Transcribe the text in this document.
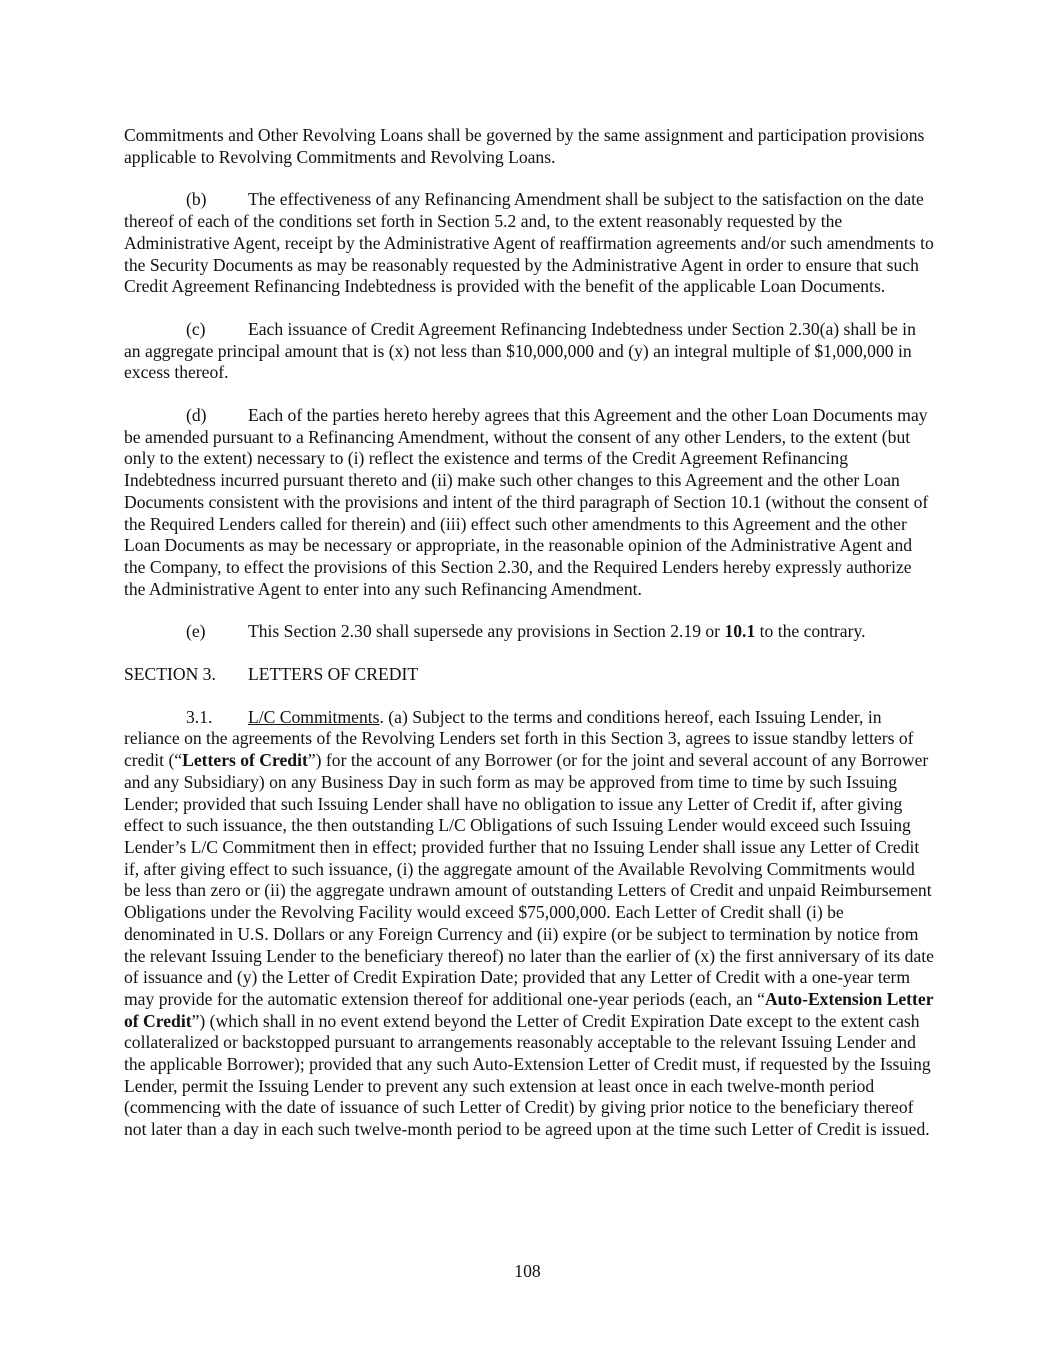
Commitments and Other Revolving Loans shall be governed by the same assignment and participation provisions applicable to Revolving Commitments and Revolving Loans.

(b) The effectiveness of any Refinancing Amendment shall be subject to the satisfaction on the date thereof of each of the conditions set forth in Section 5.2 and, to the extent reasonably requested by the Administrative Agent, receipt by the Administrative Agent of reaffirmation agreements and/or such amendments to the Security Documents as may be reasonably requested by the Administrative Agent in order to ensure that such Credit Agreement Refinancing Indebtedness is provided with the benefit of the applicable Loan Documents.

(c) Each issuance of Credit Agreement Refinancing Indebtedness under Section 2.30(a) shall be in an aggregate principal amount that is (x) not less than $10,000,000 and (y) an integral multiple of $1,000,000 in excess thereof.

(d) Each of the parties hereto hereby agrees that this Agreement and the other Loan Documents may be amended pursuant to a Refinancing Amendment, without the consent of any other Lenders, to the extent (but only to the extent) necessary to (i) reflect the existence and terms of the Credit Agreement Refinancing Indebtedness incurred pursuant thereto and (ii) make such other changes to this Agreement and the other Loan Documents consistent with the provisions and intent of the third paragraph of Section 10.1 (without the consent of the Required Lenders called for therein) and (iii) effect such other amendments to this Agreement and the other Loan Documents as may be necessary or appropriate, in the reasonable opinion of the Administrative Agent and the Company, to effect the provisions of this Section 2.30, and the Required Lenders hereby expressly authorize the Administrative Agent to enter into any such Refinancing Amendment.

(e) This Section 2.30 shall supersede any provisions in Section 2.19 or 10.1 to the contrary.

SECTION 3. LETTERS OF CREDIT

3.1. L/C Commitments. (a) Subject to the terms and conditions hereof, each Issuing Lender, in reliance on the agreements of the Revolving Lenders set forth in this Section 3, agrees to issue standby letters of credit (“Letters of Credit”) for the account of any Borrower (or for the joint and several account of any Borrower and any Subsidiary) on any Business Day in such form as may be approved from time to time by such Issuing Lender; provided that such Issuing Lender shall have no obligation to issue any Letter of Credit if, after giving effect to such issuance, the then outstanding L/C Obligations of such Issuing Lender would exceed such Issuing Lender’s L/C Commitment then in effect; provided further that no Issuing Lender shall issue any Letter of Credit if, after giving effect to such issuance, (i) the aggregate amount of the Available Revolving Commitments would be less than zero or (ii) the aggregate undrawn amount of outstanding Letters of Credit and unpaid Reimbursement Obligations under the Revolving Facility would exceed $75,000,000. Each Letter of Credit shall (i) be denominated in U.S. Dollars or any Foreign Currency and (ii) expire (or be subject to termination by notice from the relevant Issuing Lender to the beneficiary thereof) no later than the earlier of (x) the first anniversary of its date of issuance and (y) the Letter of Credit Expiration Date; provided that any Letter of Credit with a one-year term may provide for the automatic extension thereof for additional one-year periods (each, an “Auto-Extension Letter of Credit”) (which shall in no event extend beyond the Letter of Credit Expiration Date except to the extent cash collateralized or backstopped pursuant to arrangements reasonably acceptable to the relevant Issuing Lender and the applicable Borrower); provided that any such Auto-Extension Letter of Credit must, if requested by the Issuing Lender, permit the Issuing Lender to prevent any such extension at least once in each twelve-month period (commencing with the date of issuance of such Letter of Credit) by giving prior notice to the beneficiary thereof not later than a day in each such twelve-month period to be agreed upon at the time such Letter of Credit is issued.

108
